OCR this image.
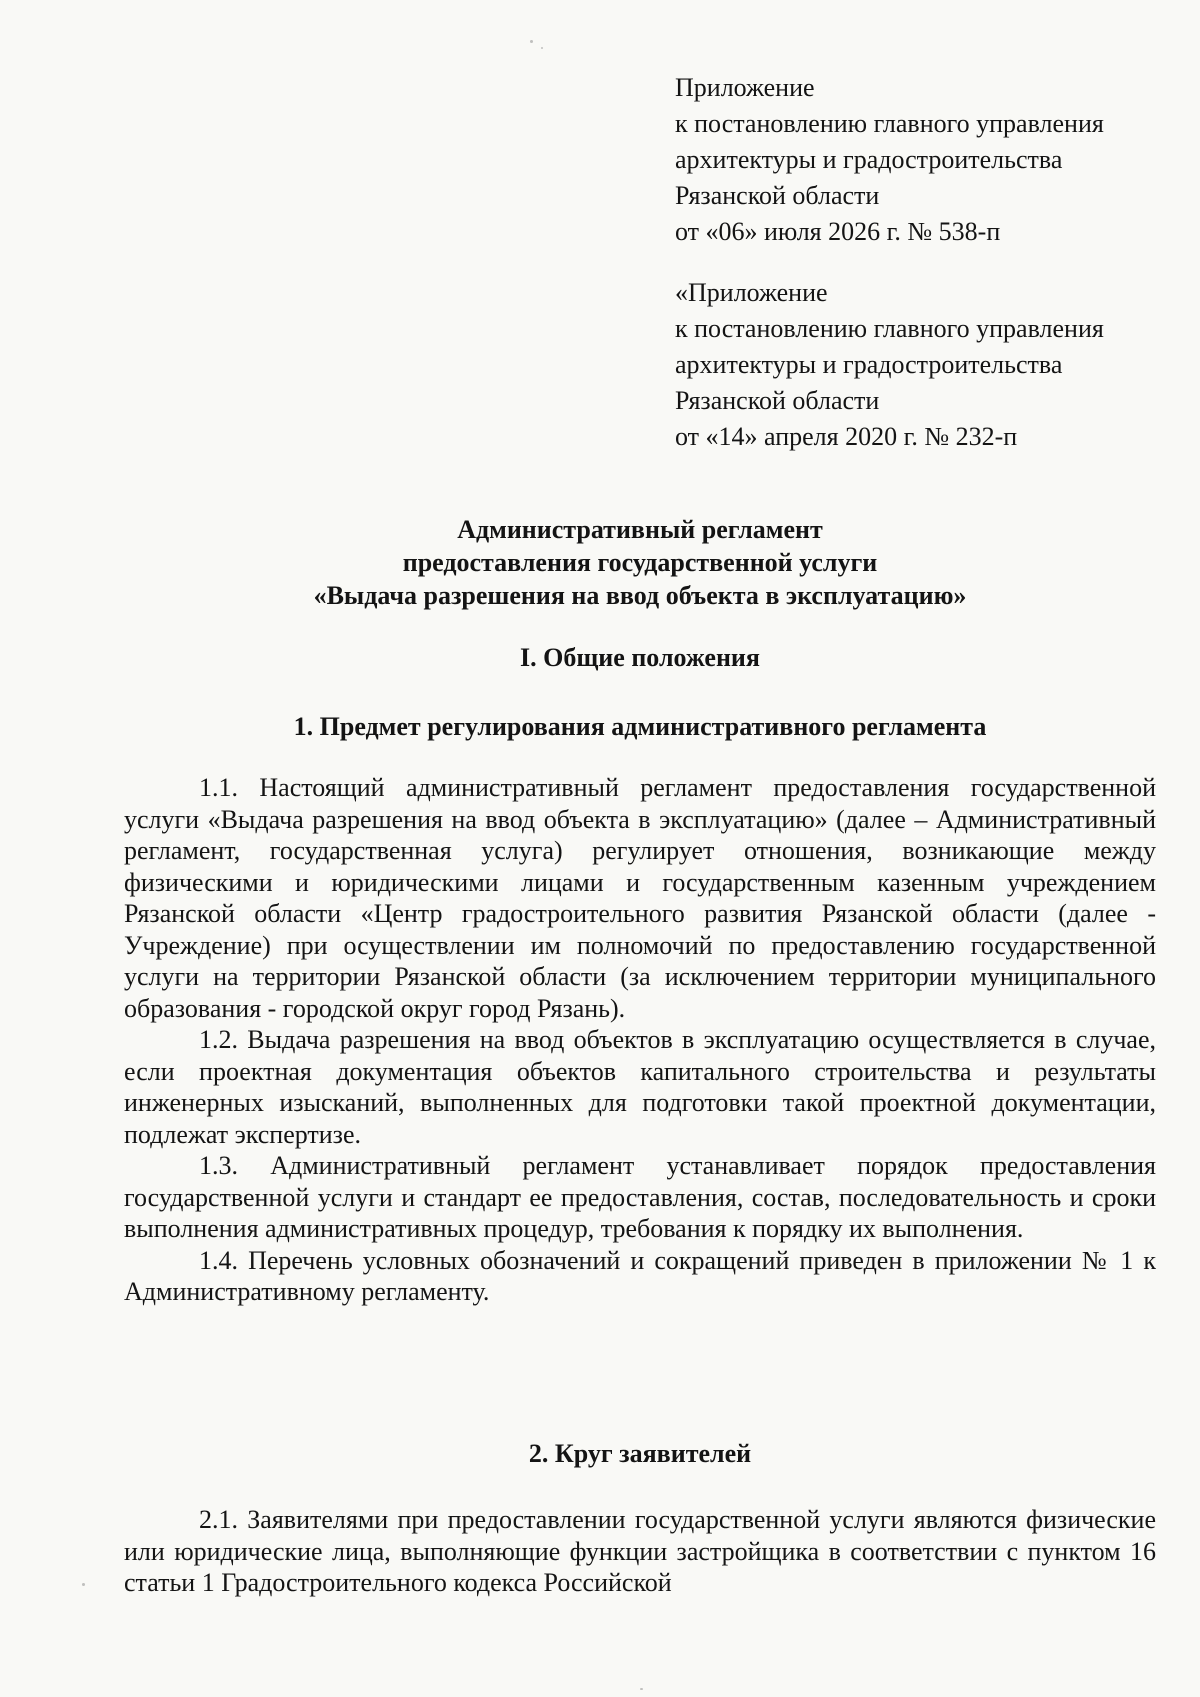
Приложение
к постановлению главного управления
архитектуры и градостроительства
Рязанской области
от «06» июля 2026 г. № 538-п
«Приложение
к постановлению главного управления
архитектуры и градостроительства
Рязанской области
от «14» апреля 2020 г. № 232-п
Административный регламент
предоставления государственной услуги
«Выдача разрешения на ввод объекта в эксплуатацию»
I. Общие положения
1. Предмет регулирования административного регламента

1.1. Настоящий административный регламент предоставления государственной услуги «Выдача разрешения на ввод объекта в эксплуатацию» (далее – Административный регламент, государственная услуга) регулирует отношения, возникающие между физическими и юридическими лицами и государственным казенным учреждением Рязанской области «Центр градостроительного развития Рязанской области (далее - Учреждение) при осуществлении им полномочий по предоставлению государственной услуги на территории Рязанской области (за исключением территории муниципального образования - городской округ город Рязань).

1.2. Выдача разрешения на ввод объектов в эксплуатацию осуществляется в случае, если проектная документация объектов капитального строительства и результаты инженерных изысканий, выполненных для подготовки такой проектной документации, подлежат экспертизе.

1.3. Административный регламент устанавливает порядок предоставления государственной услуги и стандарт ее предоставления, состав, последовательность и сроки выполнения административных процедур, требования к порядку их выполнения.

1.4. Перечень условных обозначений и сокращений приведен в приложении № 1 к Административному регламенту.

2. Круг заявителей

2.1. Заявителями при предоставлении государственной услуги являются физические или юридические лица, выполняющие функции застройщика в соответствии с пунктом 16 статьи 1 Градостроительного кодекса Российской
